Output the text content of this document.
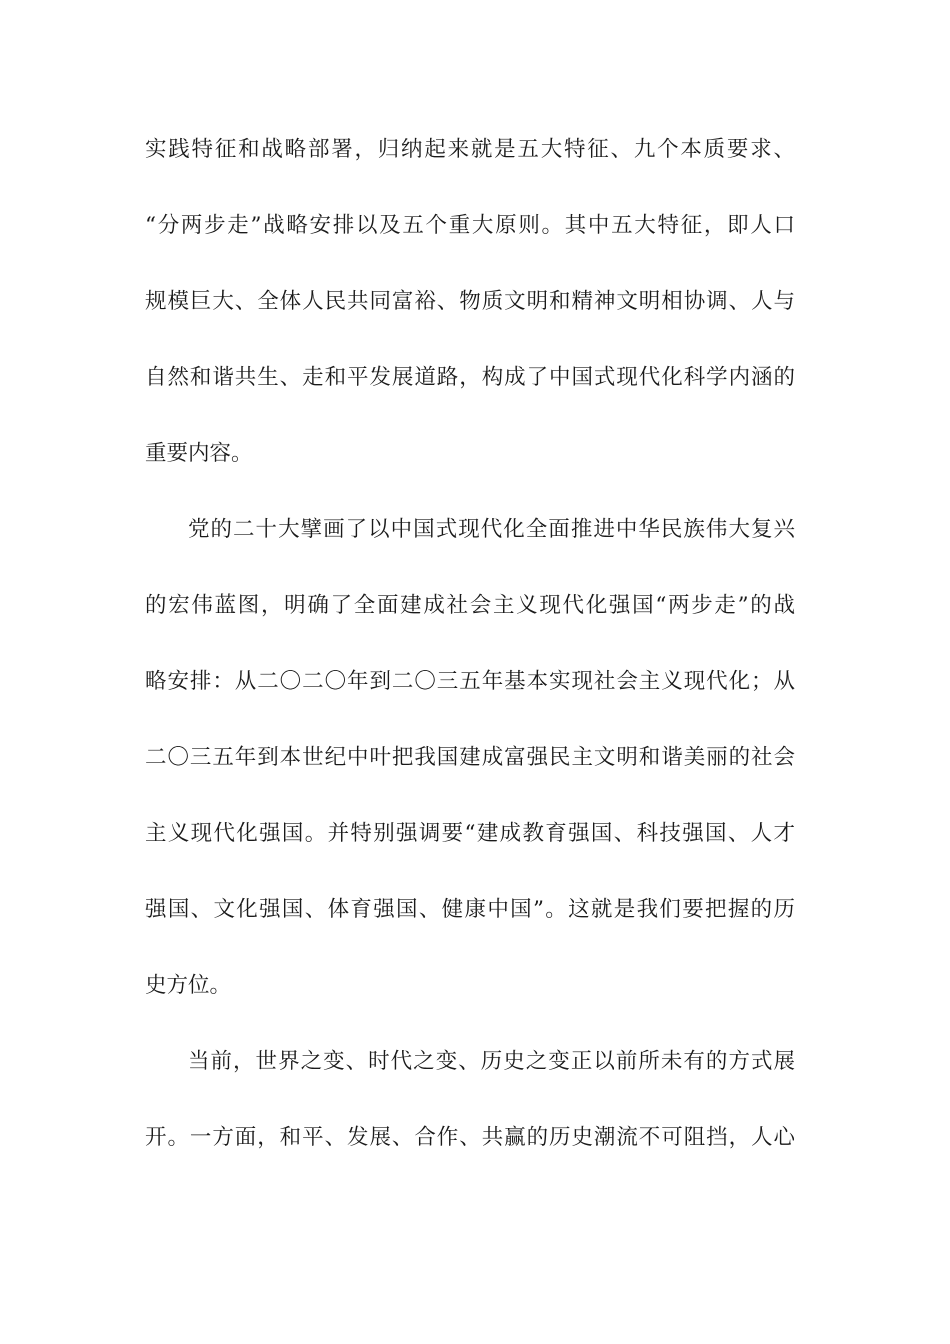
实践特征和战略部署，归纳起来就是五大特征、九个本质要求、
“分两步走”战略安排以及五个重大原则。其中五大特征，即人口
规模巨大、全体人民共同富裕、物质文明和精神文明相协调、人与
自然和谐共生、走和平发展道路，构成了中国式现代化科学内涵的
重要内容。
党的二十大擘画了以中国式现代化全面推进中华民族伟大复兴
的宏伟蓝图，明确了全面建成社会主义现代化强国“两步走”的战
略安排：从二〇二〇年到二〇三五年基本实现社会主义现代化；从
二〇三五年到本世纪中叶把我国建成富强民主文明和谐美丽的社会
主义现代化强国。并特别强调要“建成教育强国、科技强国、人才
强国、文化强国、体育强国、健康中国”。这就是我们要把握的历
史方位。
当前，世界之变、时代之变、历史之变正以前所未有的方式展
开。一方面，和平、发展、合作、共赢的历史潮流不可阻挡，人心
